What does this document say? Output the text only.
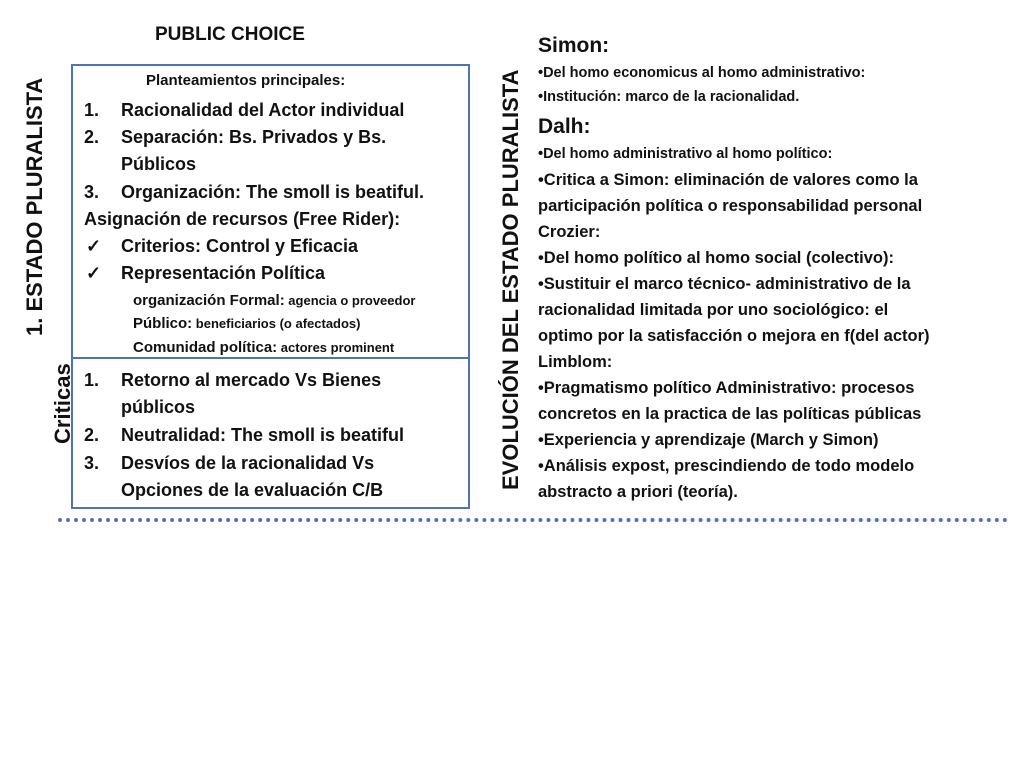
PUBLIC CHOICE
1. ESTADO PLURALISTA
Criticas	EVOLUCIÓN DEL ESTADO PLURALISTA
Planteamientos principales:
1. Racionalidad del Actor individual
2. Separación: Bs. Privados y Bs.
Públicos
3. Organización: The smoll is beatiful.
Asignación de recursos (Free Rider):
✓ Criterios: Control y Eficacia
✓ Representación Política
organización Formal: agencia o proveedor
Público: beneficiarios (o afectados)
Comunidad política: actores prominent
1. Retorno al mercado Vs Bienes
públicos
2. Neutralidad: The smoll is beatiful
3. Desvíos de la racionalidad Vs
Opciones de la evaluación C/B
Simon:
•Del homo economicus al homo administrativo:
•Institución: marco de la racionalidad.
Dalh:
•Del homo administrativo al homo político:
•Critica a Simon: eliminación de valores como la
participación política o responsabilidad personal
Crozier:
•Del homo político al homo social (colectivo):
•Sustituir el marco técnico- administrativo de la
racionalidad limitada por uno sociológico: el
optimo por la satisfacción o mejora en f(del actor)
Limblom:
•Pragmatismo político Administrativo: procesos
concretos en la practica de las políticas públicas
•Experiencia y aprendizaje (March y Simon)
•Análisis expost, prescindiendo de todo modelo
abstracto a priori (teoría).
